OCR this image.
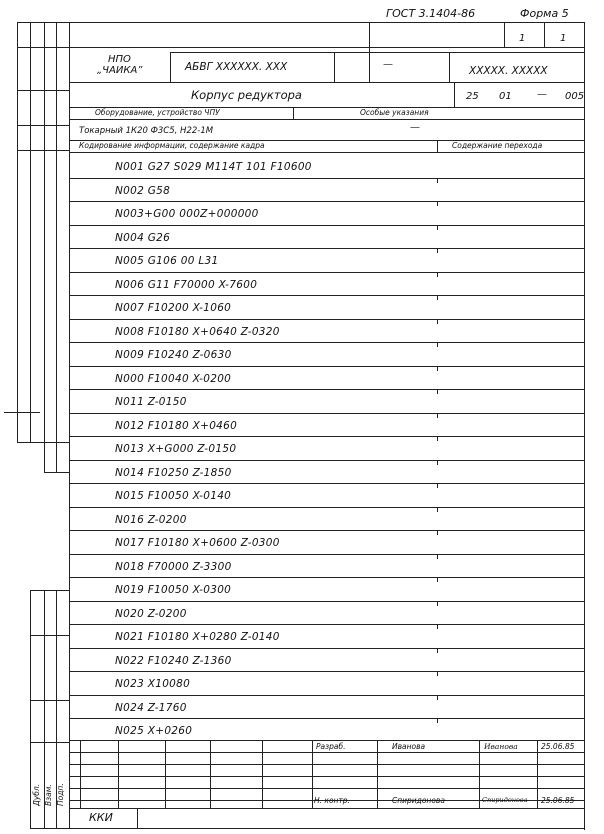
ГОСТ 3.1404-86	Форма 5
1	1
НПО
„ЧАИКА”	АБВГ XXXXXX. XXX	—
XXXXX. XXXXX
Корпус редуктора	25 01	— 005
Оборудование, устройство ЧПУ	Особые указания
Токарный 1К20 Ф3С5, Н22-1М	—
Кодирование информации, содержание кадра	Содержание перехода
N001 G27 S029 M114T 101 F10600
N002 G58
N003+G00 000Z+000000
N004 G26
N005 G106 00 L31
N006 G11 F70000 X-7600
N007 F10200 X-1060
N008 F10180 X+0640 Z-0320
N009 F10240 Z-0630
N000 F10040 X-0200
N011 Z-0150
N012 F10180 X+0460
N013 X+G000 Z-0150
N014 F10250 Z-1850
N015 F10050 X-0140
N016 Z-0200
N017 F10180 X+0600 Z-0300
N018 F70000 Z-3300
N019 F10050 X-0300
N020 Z-0200
N021 F10180 X+0280 Z-0140
N022 F10240 Z-1360
N023 X10080
N024 Z-1760
N025 X+0260
Разраб.	Иванова	Иванова	25.06.85
Н. контр.	Спиридонова	Спиридонова 25.06.85
ККИ
Дубл. Взам. Подп.
